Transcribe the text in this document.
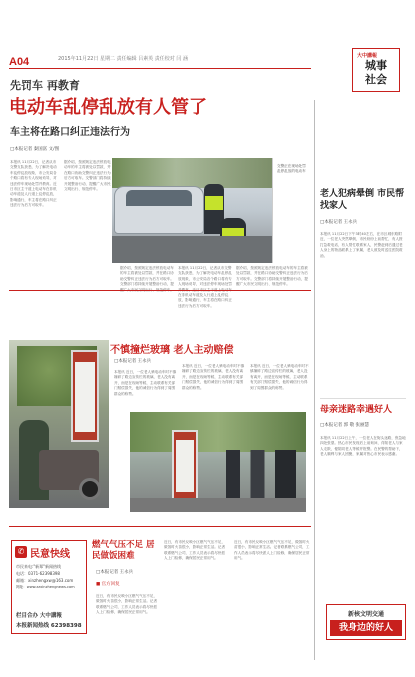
A04	2015年11月22日 星期二 责任编辑 吕素英 责任校对 闫 涵	大中講報
城事
社会
先罚车 再教育
电动车乱停乱放有人管了
车主将在路口纠正违法行为
□本报记者 秦国富 文/图
本报讯 11月22日，记者从市交警支队获悉，为了解决电动车乱停乱放现象，市公安局各个路口将有专人现场劝导，对违法停车现场处罚并教育。近日市区主干道上电动车在非机动车道及人行道上乱停乱放，影响通行，车主将在路口纠正违法行为后方可取车。
据介绍，按照规定违法停放电动车的车主将被处以罚款，并在路口协助交警纠正违法行为后方可取车。交警部门将持续开展整治行动，提醒广大市民文明出行、规范停车。
交警正在现场处罚乱停乱放的电动车
据介绍，按照规定违法停放电动车的车主将被处以罚款，并在路口协助交警纠正违法行为后方可取车。交警部门将持续开展整治行动，提
本报讯 11月22日，记者从市交警支队获悉，为了解决电动车乱停乱放现象，市公安局各个路口将有专人现场劝导，对违法停车现场处罚 在非机动车道及人行道上乱停乱放，影响通行，车主将在路口纠正违法行为后方可取车。
据介绍，按照规定违法停放电动车的车主将被处以罚款，并在路口协助交警纠正违法行为后方可取车。交警部门将持续开展整治行动，提醒广大市民文明出行、规范停车。
老人犯病晕倒 市民帮找家人
□本报记者 王永兵
本报讯 11月22日下午3时40左右，在市区城东路附近，一位老人突然晕倒，市民纷纷上前帮忙，有人拨打急救电话，有人帮忙联系家人，民警赶到后通过老人身上的物品联系上了家属，老人被及时送往医院救治。
母亲迷路幸遇好人
□本报记者 郭 敬 张丽慧
本报讯 11月22日上午，一位老人在街头迷路，焦急地四处张望。热心市民发现后上前询问，得知老人与家人走散，便陪同老人等候并报警。在民警的帮助下，老人顺利与家人团聚，家属对热心市民表示感谢。
新核文明交通
我身边的好人
不慎撞烂玻璃 老人主动赔偿
□本报记者 王永兵
本报讯 近日，一位老人骑电动车时不慎撞碎了路边宣传栏的玻璃，老人没有离开，而是在现场等候，主动联系有关部门赔偿损失，他的诚信行为得到了周围群众的称赞。
本报讯 近日，一位老人骑电动车时不慎撞碎了路边宣传栏的玻璃，老人没有离开，而是在现场等候，主动联系有关部门赔偿损失，他的诚信行为得到了周围群众的称赞。
本报讯 近日，一位老人骑电动车时不慎撞碎了路边宣传栏的玻璃，老人没有离开，而是在现场等候，主动联系有关部门赔偿损失，他的诚信行为得到了周围群众的称赞。
✆ 民意快线
市民来电:"新郑"新闻热线
电话：0371-62398398
邮箱：xinzhengxw@163.com
网址：www.zzxinzhengnews.com
栏目合办 大中講報
本报新闻热线 62398398
燃气气压不足 居民做饭困难
□本报记者 王永兵
■ 官方回复
近日，有市民反映小区燃气气压不足，做饭时火苗很小，影响正常生活。记者联系燃气公司，工作人员表示将尽快派人上门检修，确保居民正常用气。
近日，有市民反映小区燃气气压不足，做饭时火苗很小，影响正常生活。记者联系燃气公司，工作人员表示将尽快派人上门检修，确保居民正常用气。
近日，有市民反映小区燃气气压不足，做饭时火苗很小，影响正常生活。记者联系燃气公司，工作人员表示将尽快派人上门检修，确保居民正常用气。
